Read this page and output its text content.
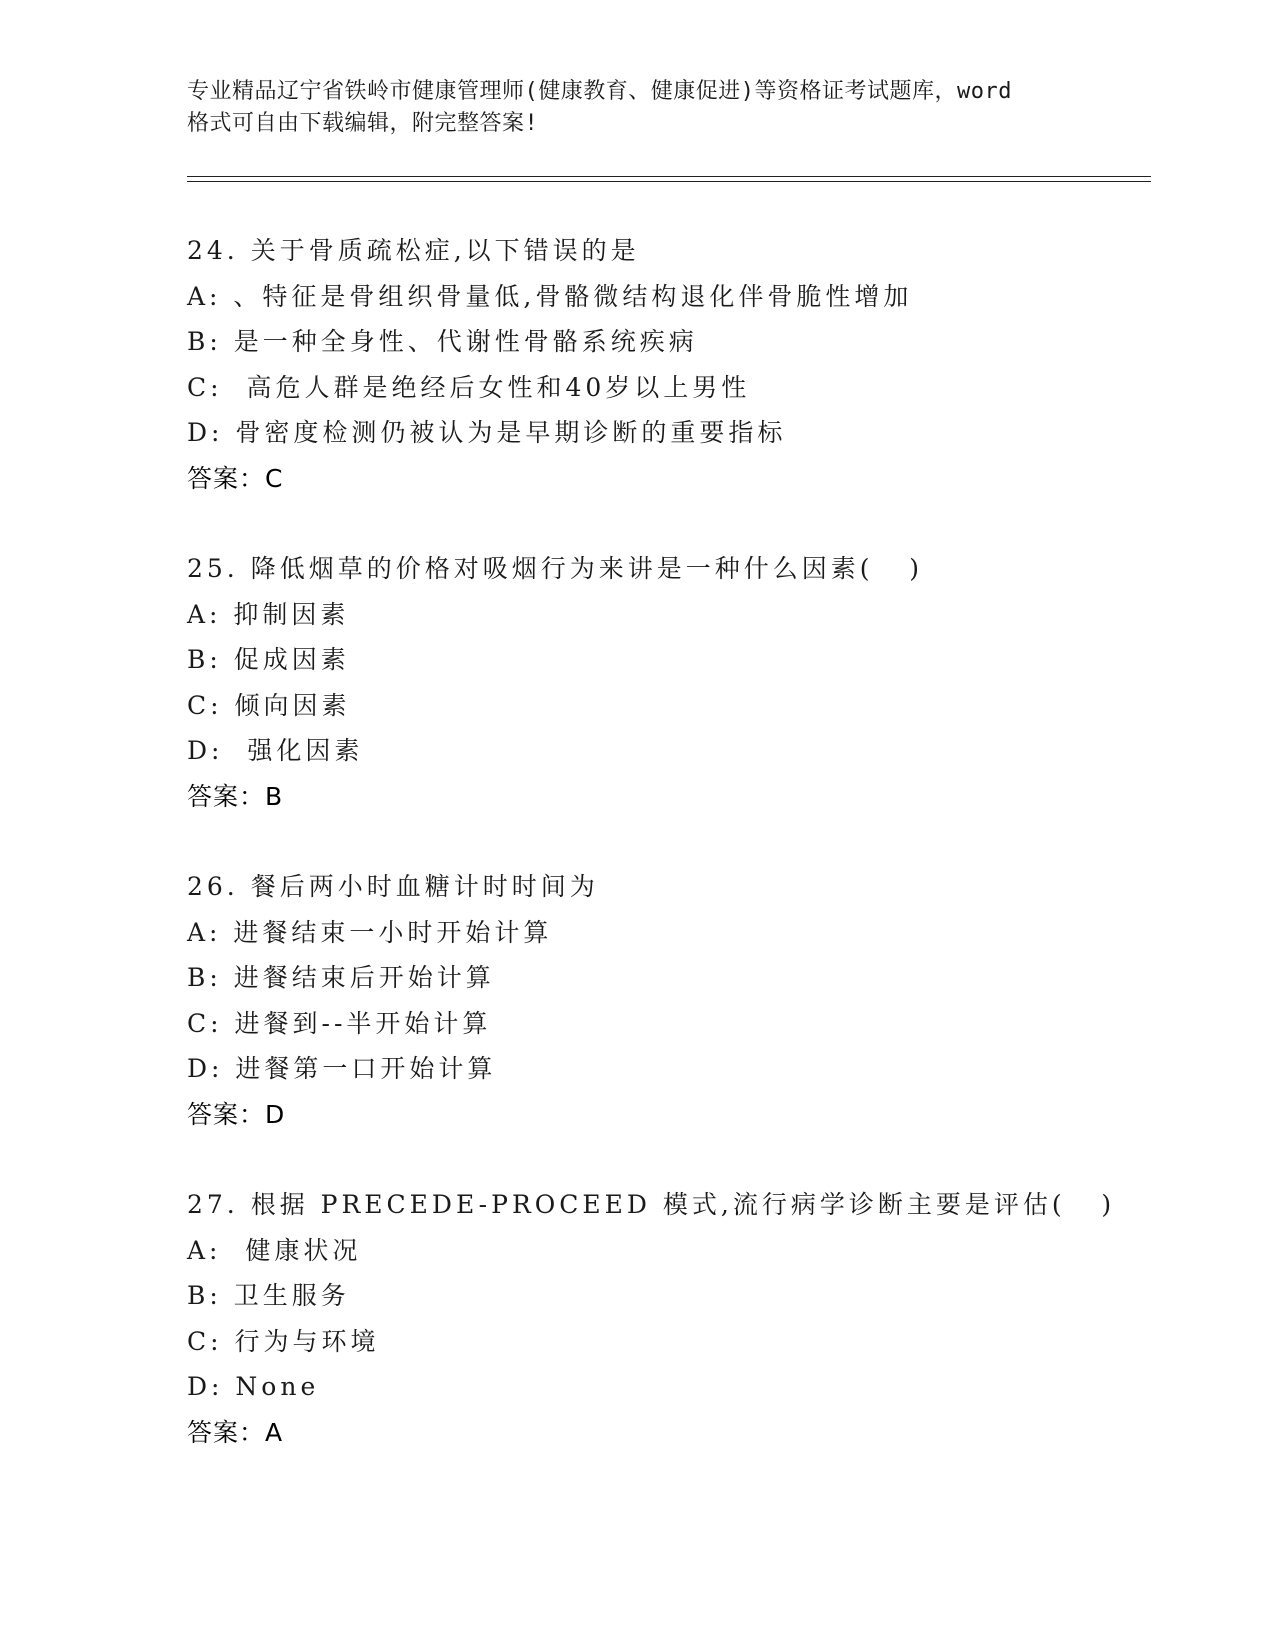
专业精品辽宁省铁岭市健康管理师(健康教育、健康促进)等资格证考试题库，word
格式可自由下载编辑，附完整答案!
24. 关于骨质疏松症,以下错误的是
A: 、特征是骨组织骨量低,骨骼微结构退化伴骨脆性增加
B: 是一种全身性、代谢性骨骼系统疾病
C:  高危人群是绝经后女性和40岁以上男性
D: 骨密度检测仍被认为是早期诊断的重要指标
答案：C
25. 降低烟草的价格对吸烟行为来讲是一种什么因素(   )
A: 抑制因素
B: 促成因素
C: 倾向因素
D:  强化因素
答案：B
26. 餐后两小时血糖计时时间为
A: 进餐结束一小时开始计算
B: 进餐结束后开始计算
C: 进餐到--半开始计算
D: 进餐第一口开始计算
答案：D
27. 根据 PRECEDE-PROCEED 模式,流行病学诊断主要是评估(   )
A:  健康状况
B: 卫生服务
C: 行为与环境
D: None
答案：A
